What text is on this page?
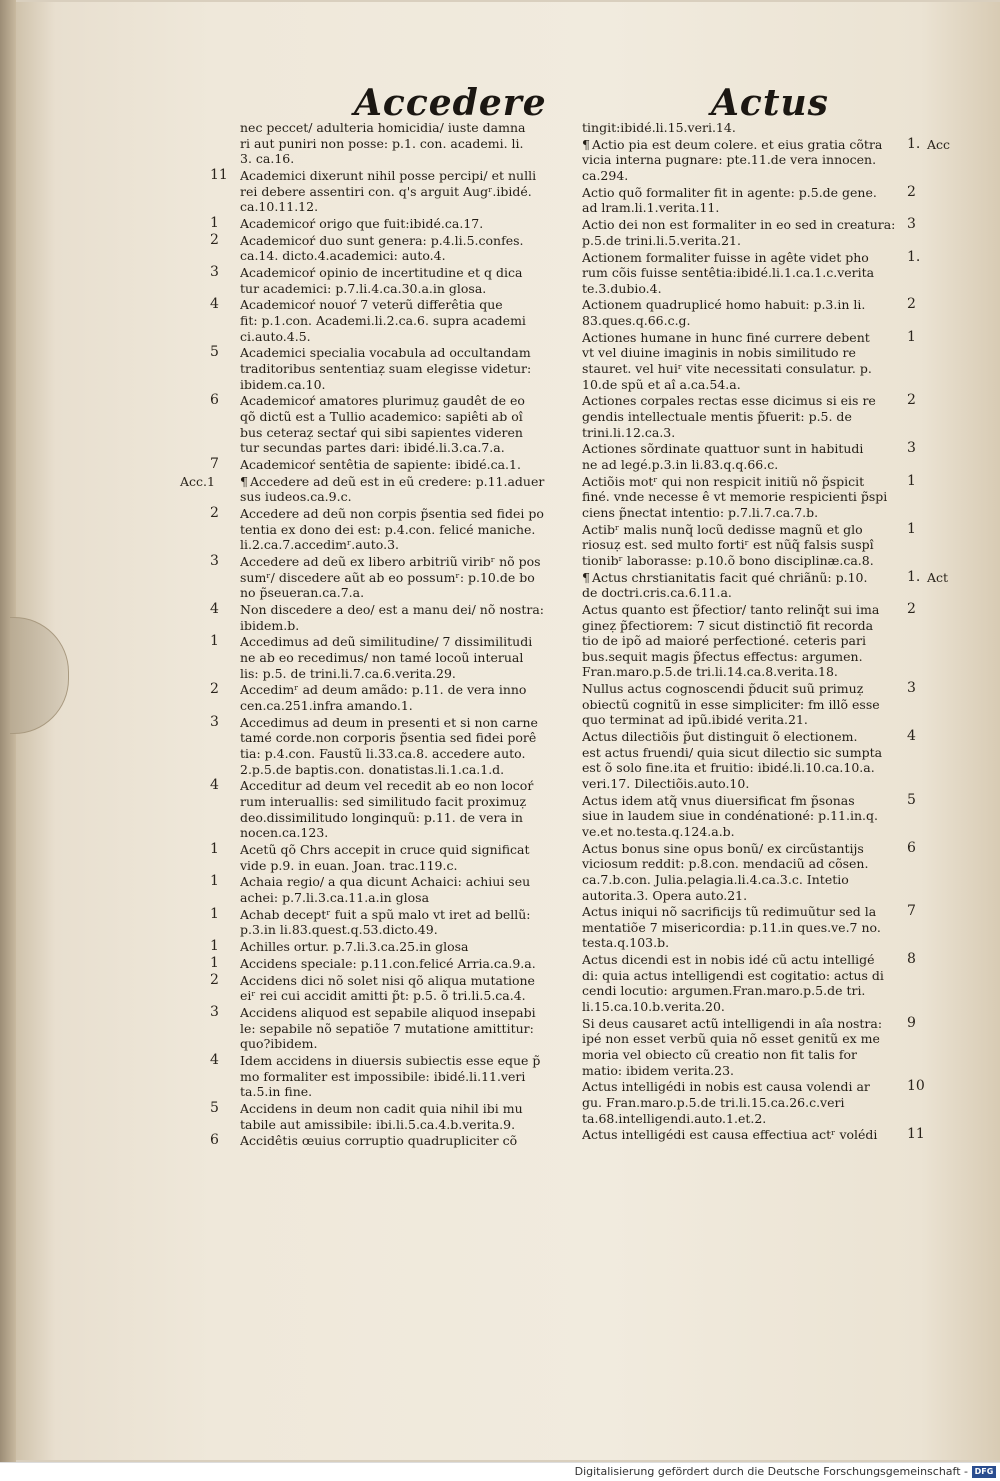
Accedere	Actus
nec peccet/ adulteria homicidia/ iuste damna
ri aut puniri non posse: p.1. con. academi. li.
3. ca.16.
11 Academici dixerunt nihil posse percipi/ et nulli
rei debere assentiri con. q's arguit Augʳ.ibidé.
ca.10.11.12.
1 Academicoŕ origo que fuit:ibidé.ca.17.
2 Academicoŕ duo sunt genera: p.4.li.5.confes.
ca.14. dicto.4.academici: auto.4.
3 Academicoŕ opinio de incertitudine et q dica
tur academici: p.7.li.4.ca.30.a.in glosa.
4 Academicoŕ nouoŕ 7 veterũ differêtia que
fit: p.1.con. Academi.li.2.ca.6. supra academi
ci.auto.4.5.
5 Academici specialia vocabula ad occultandam
traditoribus sententiaẓ suam elegisse videtur:
ibidem.ca.10.
6 Academicoŕ amatores plurimuẓ gaudêt de eo
qõ dictũ est a Tullio academico: sapiêti ab oî
bus ceteraẓ sectaŕ qui sibi sapientes videren
tur secundas partes dari: ibidé.li.3.ca.7.a.
7 Academicoŕ sentêtia de sapiente: ibidé.ca.1.
Acc.1 ¶ Accedere ad deũ est in eũ credere: p.11.aduer
sus iudeos.ca.9.c.
2 Accedere ad deũ non corpis p̃sentia sed fidei po
tentia ex dono dei est: p.4.con. felicé maniche.
li.2.ca.7.accedimʳ.auto.3.
3 Accedere ad deũ ex libero arbitriũ viribʳ nõ pos
sumʳ/ discedere aũt ab eo possumʳ: p.10.de bo
no p̃seueran.ca.7.a.
4 Non discedere a deo/ est a manu dei/ nõ nostra:
ibidem.b.
1 Accedimus ad deũ similitudine/ 7 dissimilitudi
ne ab eo recedimus/ non tamé locoũ interual
lis: p.5. de trini.li.7.ca.6.verita.29.
2 Accedimʳ ad deum amãdo: p.11. de vera inno
cen.ca.251.infra amando.1.
3 Accedimus ad deum in presenti et si non carne
tamé corde.non corporis p̃sentia sed fidei porê
tia: p.4.con. Faustũ li.33.ca.8. accedere auto.
2.p.5.de baptis.con. donatistas.li.1.ca.1.d.
4 Acceditur ad deum vel recedit ab eo non locoŕ
rum interuallis: sed similitudo facit proximuẓ
deo.dissimilitudo longinquũ: p.11. de vera in
nocen.ca.123.
1 Acetũ qõ Chrs accepit in cruce quid significat
vide p.9. in euan. Joan. trac.119.c.
1 Achaia regio/ a qua dicunt Achaici: achiui seu
achei: p.7.li.3.ca.11.a.in glosa
1 Achab deceptʳ fuit a spũ malo vt iret ad bellũ:
p.3.in li.83.quest.q.53.dicto.49.
1 Achilles ortur. p.7.li.3.ca.25.in glosa
1 Accidens speciale: p.11.con.felicé Arria.ca.9.a.
2 Accidens dici nõ solet nisi qõ aliqua mutatione
eiʳ rei cui accidit amitti p̃t: p.5. õ tri.li.5.ca.4.
3 Accidens aliquod est sepabile aliquod insepabi
le: sepabile nõ sepatiõe 7 mutatione amittitur:
quo?ibidem.
4 Idem accidens in diuersis subiectis esse eque p̃
mo formaliter est impossibile: ibidé.li.11.veri
ta.5.in fine.
5 Accidens in deum non cadit quia nihil ibi mu
tabile aut amissibile: ibi.li.5.ca.4.b.verita.9.
6 Accidêtis œuius corruptio quadrupliciter cõ
tingit:ibidé.li.15.veri.14.
1. Acc
¶ Actio pia est deum colere. et eius gratia cõtra
vicia interna pugnare: pte.11.de vera innocen.
ca.294.
2
Actio quõ formaliter fit in agente: p.5.de gene.
ad lram.li.1.verita.11.
3
Actio dei non est formaliter in eo sed in creatura:
p.5.de trini.li.5.verita.21.
1.
Actionem formaliter fuisse in agête videt pho
rum cõis fuisse sentêtia:ibidé.li.1.ca.1.c.verita
te.3.dubio.4.
2
Actionem quadruplicé homo habuit: p.3.in li.
83.ques.q.66.c.g.
1
Actiones humane in hunc finé currere debent
vt vel diuine imaginis in nobis similitudo re
stauret. vel huiʳ vite necessitati consulatur. p.
10.de spũ et aî a.ca.54.a.
2
Actiones corpales rectas esse dicimus si eis re
gendis intellectuale mentis p̃fuerit: p.5. de
trini.li.12.ca.3.
3
Actiones sõrdinate quattuor sunt in habitudi
ne ad legé.p.3.in li.83.q.q.66.c.
1
Actiõis motʳ qui non respicit initiũ nõ p̃spicit
finé. vnde necesse ê vt memorie respicienti p̃spi
ciens p̃nectat intentio: p.7.li.7.ca.7.b.
1
Actibʳ malis nunq̃ locũ dedisse magnũ et glo
riosuẓ est. sed multo fortiʳ est nũq̃ falsis suspî
tionibʳ laborasse: p.10.õ bono disciplinæ.ca.8.
1. Act
¶ Actus chrstianitatis facit qué chriãnũ: p.10.
de doctri.cris.ca.6.11.a.
2
Actus quanto est p̃fectior/ tanto relinq̃t sui ima
gineẓ p̃fectiorem: 7 sicut distinctiõ fit recorda
tio de ipõ ad maioré perfectioné. ceteris pari
bus.sequit magis p̃fectus effectus: argumen.
Fran.maro.p.5.de tri.li.14.ca.8.verita.18.
3
Nullus actus cognoscendi p̃ducit suũ primuẓ
obiectũ cognitũ in esse simpliciter: fm illõ esse
quo terminat ad ipũ.ibidé verita.21.
4
Actus dilectiõis p̃ut distinguit õ electionem.
est actus fruendi/ quia sicut dilectio sic sumpta
est õ solo fine.ita et fruitio: ibidé.li.10.ca.10.a.
veri.17. Dilectiõis.auto.10.
5
Actus idem atq̃ vnus diuersificat fm p̃sonas
siue in laudem siue in condénationé: p.11.in.q.
ve.et no.testa.q.124.a.b.
6
Actus bonus sine opus bonũ/ ex circũstantijs
viciosum reddit: p.8.con. mendaciũ ad cõsen.
ca.7.b.con. Julia.pelagia.li.4.ca.3.c. Intetio
autorita.3. Opera auto.21.
7
Actus iniqui nõ sacrificijs tũ redimuũtur sed la
mentatiõe 7 misericordia: p.11.in ques.ve.7 no.
testa.q.103.b.
8
Actus dicendi est in nobis idé cũ actu intelligé
di: quia actus intelligendi est cogitatio: actus di
cendi locutio: argumen.Fran.maro.p.5.de tri.
li.15.ca.10.b.verita.20.
9
Si deus causaret actũ intelligendi in aîa nostra:
ipé non esset verbũ quia nõ esset genitũ ex me
moria vel obiecto cũ creatio non fit talis for
matio: ibidem verita.23.
10
Actus intelligédi in nobis est causa volendi ar
gu. Fran.maro.p.5.de tri.li.15.ca.26.c.veri
ta.68.intelligendi.auto.1.et.2.
11
Actus intelligédi est causa effectiua actʳ volédi
Digitalisierung gefördert durch die Deutsche Forschungsgemeinschaft - DFG
